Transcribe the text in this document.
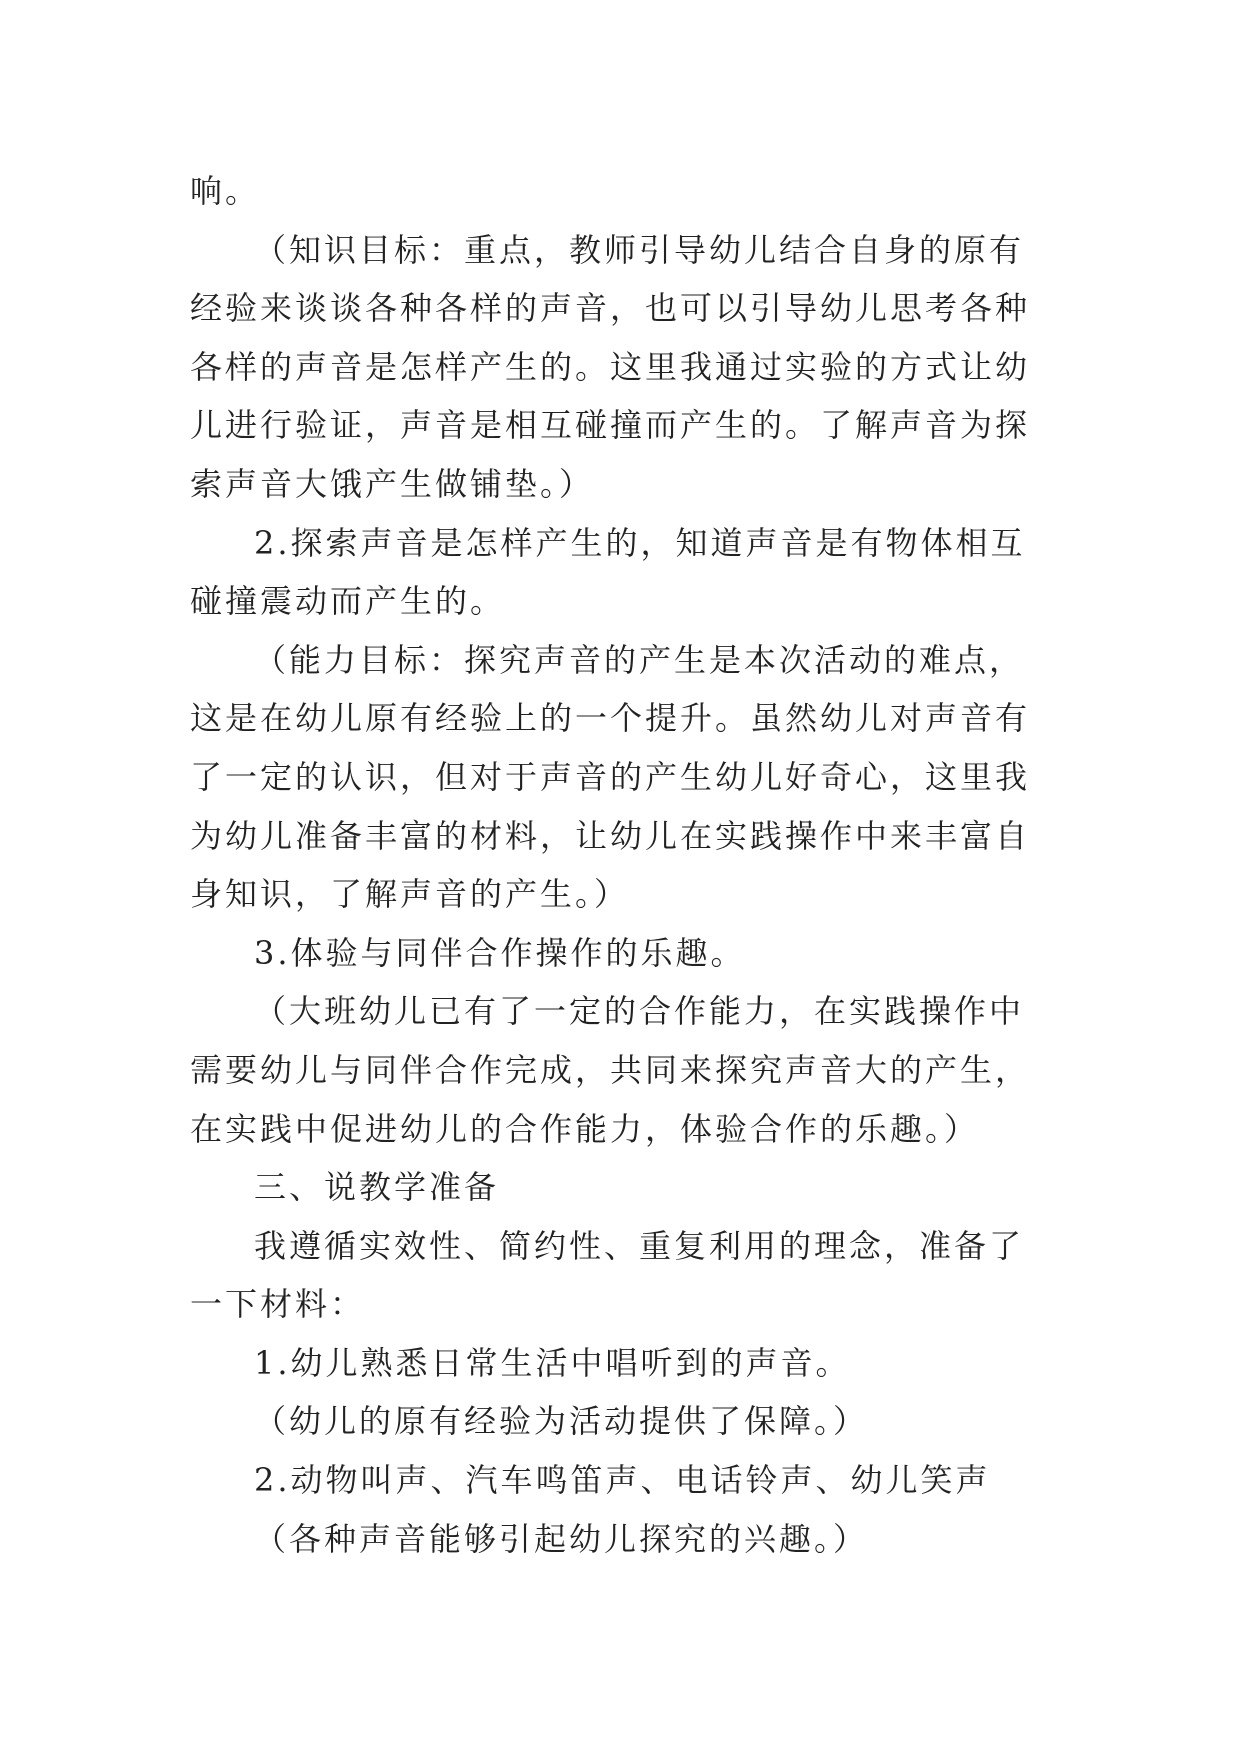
响。

（知识目标：重点，教师引导幼儿结合自身的原有经验来谈谈各种各样的声音，也可以引导幼儿思考各种各样的声音是怎样产生的。这里我通过实验的方式让幼儿进行验证，声音是相互碰撞而产生的。了解声音为探索声音大饿产生做铺垫。）

2.探索声音是怎样产生的，知道声音是有物体相互碰撞震动而产生的。

（能力目标：探究声音的产生是本次活动的难点，这是在幼儿原有经验上的一个提升。虽然幼儿对声音有了一定的认识，但对于声音的产生幼儿好奇心，这里我为幼儿准备丰富的材料，让幼儿在实践操作中来丰富自身知识，了解声音的产生。）

3.体验与同伴合作操作的乐趣。

（大班幼儿已有了一定的合作能力，在实践操作中需要幼儿与同伴合作完成，共同来探究声音大的产生，在实践中促进幼儿的合作能力，体验合作的乐趣。）

三、说教学准备

我遵循实效性、简约性、重复利用的理念，准备了一下材料：

1.幼儿熟悉日常生活中唱听到的声音。

（幼儿的原有经验为活动提供了保障。）

2.动物叫声、汽车鸣笛声、电话铃声、幼儿笑声

（各种声音能够引起幼儿探究的兴趣。）
